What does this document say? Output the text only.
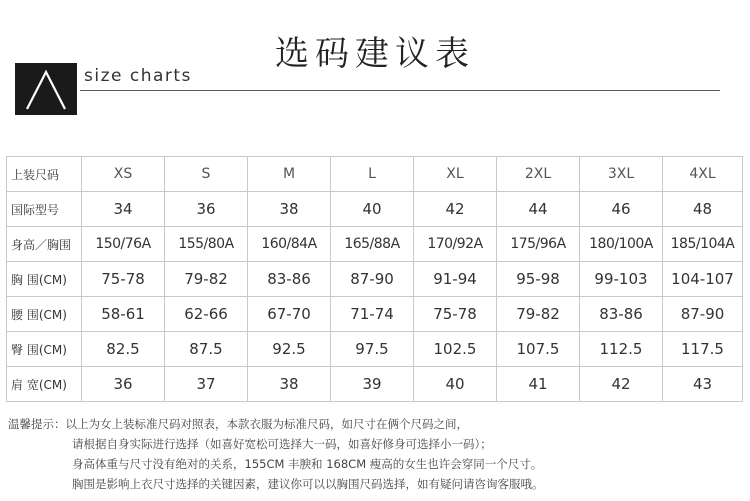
选码建议表
size charts
上装尺码	XS	S	M	L	XL	2XL	3XL	4XL
国际型号	34	36	38	40	42	44	46	48
身高／胸围	150/76A	155/80A	160/84A	165/88A	170/92A	175/96A	180/100A	185/104A
胸 围(CM)	75-78	79-82	83-86	87-90	91-94	95-98	99-103	104-107
腰 围(CM)	58-61	62-66	67-70	71-74	75-78	79-82	83-86	87-90
臀 围(CM)	82.5	87.5	92.5	97.5	102.5	107.5	112.5	117.5
肩 宽(CM)	36	37	38	39	40	41	42	43
温馨提示：以上为女上装标准尺码对照表，本款衣服为标准尺码，如尺寸在俩个尺码之间，
请根据自身实际进行选择（如喜好宽松可选择大一码，如喜好修身可选择小一码）；
身高体重与尺寸没有绝对的关系，155CM 丰腴和 168CM 瘦高的女生也许会穿同一个尺寸。
胸围是影响上衣尺寸选择的关键因素，建议你可以以胸围尺码选择，如有疑问请咨询客服哦。
